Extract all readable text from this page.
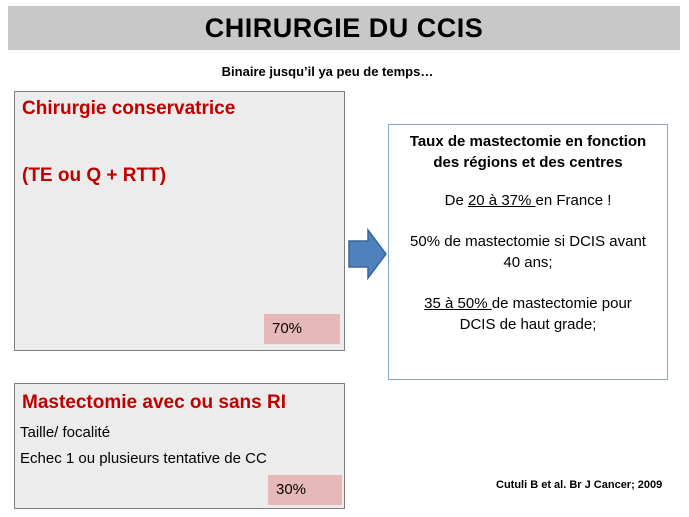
CHIRURGIE DU CCIS
Binaire jusqu’il ya peu de temps…
Chirurgie conservatrice
(TE ou Q + RTT)
70%
Mastectomie avec ou sans RI
Taille/ focalité
Echec 1 ou plusieurs tentative de CC
30%
Taux de mastectomie en fonction
des régions et des centres
De 20 à 37% en France !
50% de mastectomie si DCIS avant
40 ans;
35 à 50% de mastectomie pour
DCIS de haut grade;
Cutuli B et al. Br J Cancer; 2009
